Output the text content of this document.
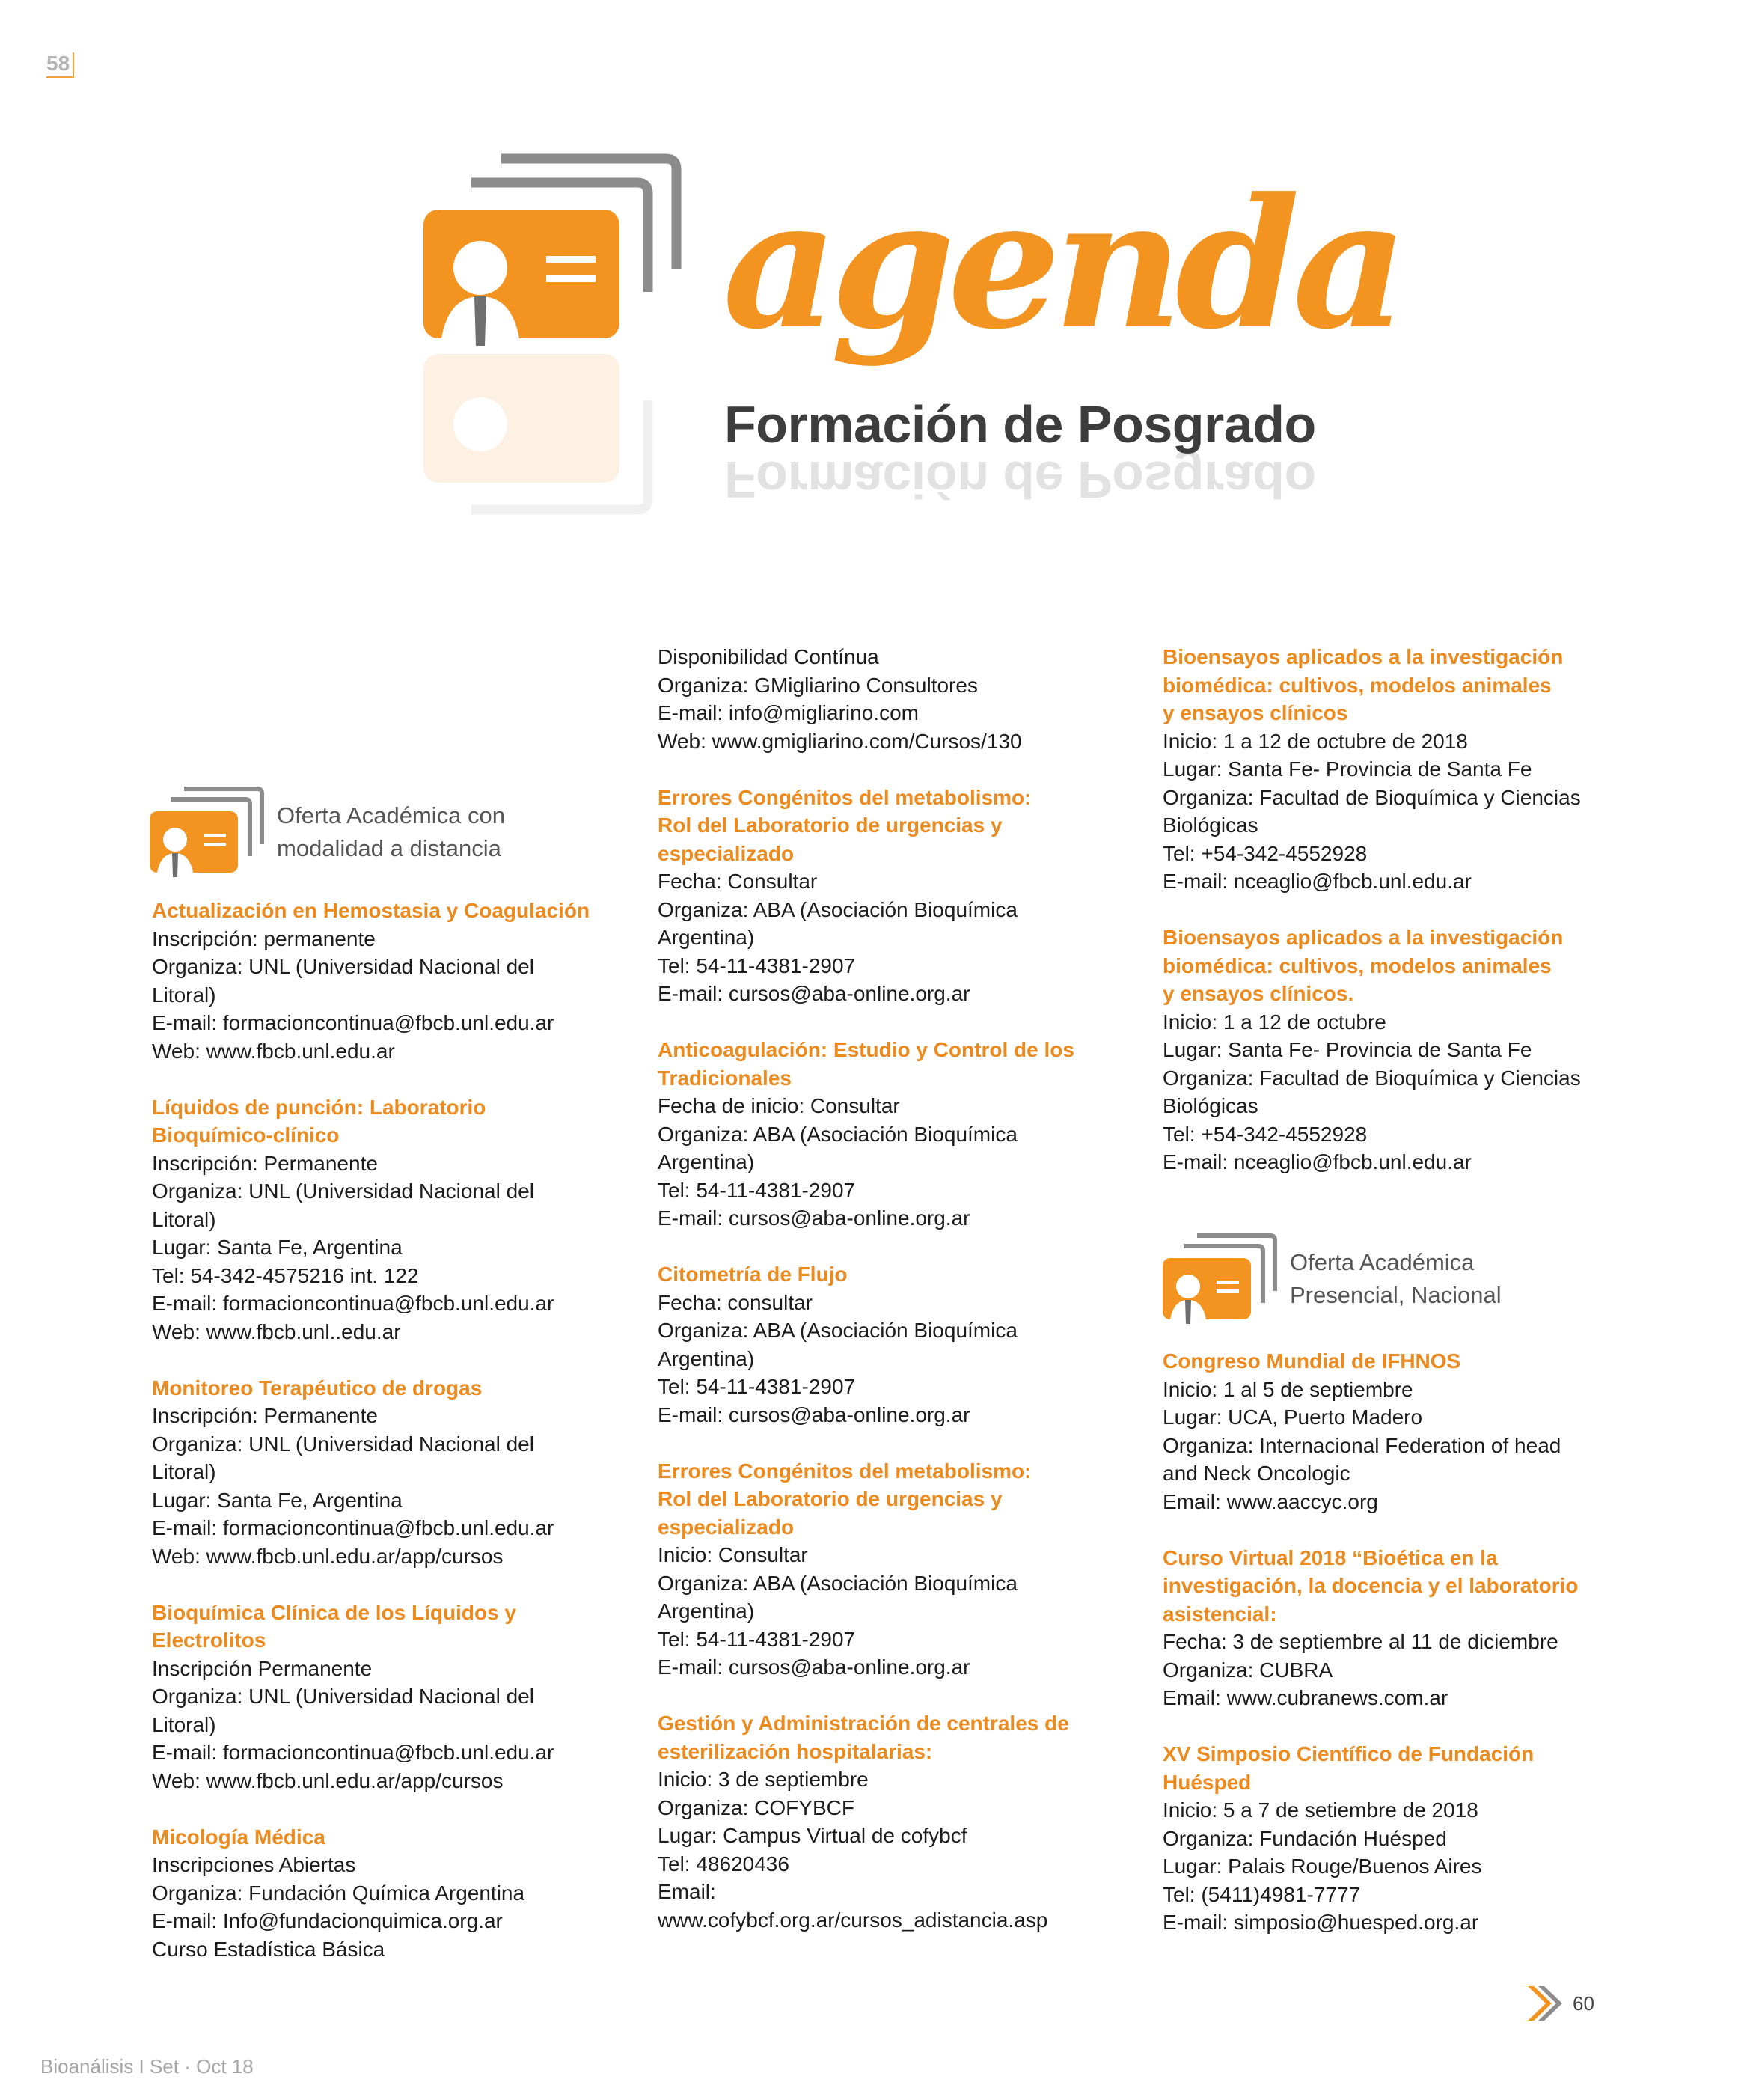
58
agenda
Formación de Posgrado
Formación de Posgrado
Oferta Académica con
modalidad a distancia
Oferta Académica
Presencial, Nacional
Actualización en Hemostasia y Coagulación
Inscripción: permanente
Organiza: UNL (Universidad Nacional del
Litoral)
E-mail: formacioncontinua@fbcb.unl.edu.ar
Web: www.fbcb.unl.edu.ar
Líquidos de punción: Laboratorio
Bioquímico-clínico
Inscripción: Permanente
Organiza: UNL (Universidad Nacional del
Litoral)
Lugar: Santa Fe, Argentina
Tel: 54-342-4575216 int. 122
E-mail: formacioncontinua@fbcb.unl.edu.ar
Web: www.fbcb.unl..edu.ar
Monitoreo Terapéutico de drogas
Inscripción: Permanente
Organiza: UNL (Universidad Nacional del
Litoral)
Lugar: Santa Fe, Argentina
E-mail: formacioncontinua@fbcb.unl.edu.ar
Web: www.fbcb.unl.edu.ar/app/cursos
Bioquímica Clínica de los Líquidos y
Electrolitos
Inscripción Permanente
Organiza: UNL (Universidad Nacional del
Litoral)
E-mail: formacioncontinua@fbcb.unl.edu.ar
Web: www.fbcb.unl.edu.ar/app/cursos
Micología Médica
Inscripciones Abiertas
Organiza: Fundación Química Argentina
E-mail: Info@fundacionquimica.org.ar
Curso Estadística Básica
Disponibilidad Contínua
Organiza: GMigliarino Consultores
E-mail: info@migliarino.com
Web: www.gmigliarino.com/Cursos/130
Errores Congénitos del metabolismo:
Rol del Laboratorio de urgencias y
especializado
Fecha: Consultar
Organiza: ABA (Asociación Bioquímica
Argentina)
Tel: 54-11-4381-2907
E-mail: cursos@aba-online.org.ar
Anticoagulación: Estudio y Control de los
Tradicionales
Fecha de inicio: Consultar
Organiza: ABA (Asociación Bioquímica
Argentina)
Tel: 54-11-4381-2907
E-mail: cursos@aba-online.org.ar
Citometría de Flujo
Fecha: consultar
Organiza: ABA (Asociación Bioquímica
Argentina)
Tel: 54-11-4381-2907
E-mail: cursos@aba-online.org.ar
Errores Congénitos del metabolismo:
Rol del Laboratorio de urgencias y
especializado
Inicio: Consultar
Organiza: ABA (Asociación Bioquímica
Argentina)
Tel: 54-11-4381-2907
E-mail: cursos@aba-online.org.ar
Gestión y Administración de centrales de
esterilización hospitalarias:
Inicio: 3 de septiembre
Organiza: COFYBCF
Lugar: Campus Virtual de cofybcf
Tel: 48620436
Email:
www.cofybcf.org.ar/cursos_adistancia.asp
Bioensayos aplicados a la investigación
biomédica: cultivos, modelos animales
y ensayos clínicos
Inicio: 1 a 12 de octubre de 2018
Lugar: Santa Fe- Provincia de Santa Fe
Organiza: Facultad de Bioquímica y Ciencias
Biológicas
Tel: +54-342-4552928
E-mail: nceaglio@fbcb.unl.edu.ar
Bioensayos aplicados a la investigación
biomédica: cultivos, modelos animales
y ensayos clínicos.
Inicio: 1 a 12 de octubre
Lugar: Santa Fe- Provincia de Santa Fe
Organiza: Facultad de Bioquímica y Ciencias
Biológicas
Tel: +54-342-4552928
E-mail: nceaglio@fbcb.unl.edu.ar
Congreso Mundial de IFHNOS
Inicio: 1 al 5 de septiembre
Lugar: UCA, Puerto Madero
Organiza: Internacional Federation of head
and Neck Oncologic
Email: www.aaccyc.org
Curso Virtual 2018 “Bioética en la
investigación, la docencia y el laboratorio
asistencial:
Fecha: 3 de septiembre al 11 de diciembre
Organiza: CUBRA
Email: www.cubranews.com.ar
XV Simposio Científico de Fundación
Huésped
Inicio: 5 a 7 de setiembre de 2018
Organiza: Fundación Huésped
Lugar: Palais Rouge/Buenos Aires
Tel: (5411)4981-7777
E-mail: simposio@huesped.org.ar
Bioanálisis I Set · Oct 18
60
